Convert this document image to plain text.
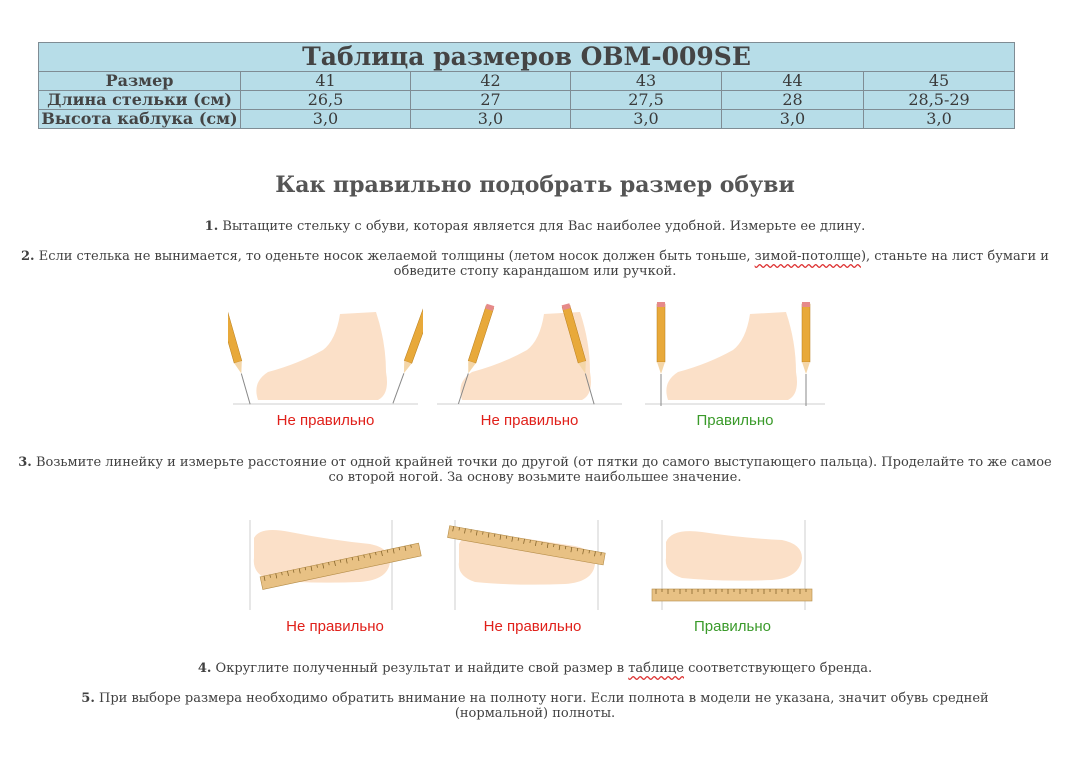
Таблица размеров OBM-009SE					
Размер	41	42	43	44	45
Длина стельки (см)	26,5	27	27,5	28	28,5-29
Высота каблука (см)	3,0	3,0	3,0	3,0	3,0
Как правильно подобрать размер обуви
1. Вытащите стельку с обуви, которая является для Вас наиболее удобной. Измерьте ее длину.
2. Если стелька не вынимается, то оденьте носок желаемой толщины (летом носок должен быть тоньше, зимой-потолще), станьте на лист бумаги и обведите стопу карандашом или ручкой.
Не правильно	Не правильно	Правильно
3. Возьмите линейку и измерьте расстояние от одной крайней точки до другой (от пятки до самого выступающего пальца). Проделайте то же самое со второй ногой. За основу возьмите наибольшее значение.
Не правильно	Не правильно	Правильно
4. Округлите полученный результат и найдите свой размер в таблице соответствующего бренда.
5. При выборе размера необходимо обратить внимание на полноту ноги. Если полнота в модели не указана, значит обувь средней (нормальной) полноты.
